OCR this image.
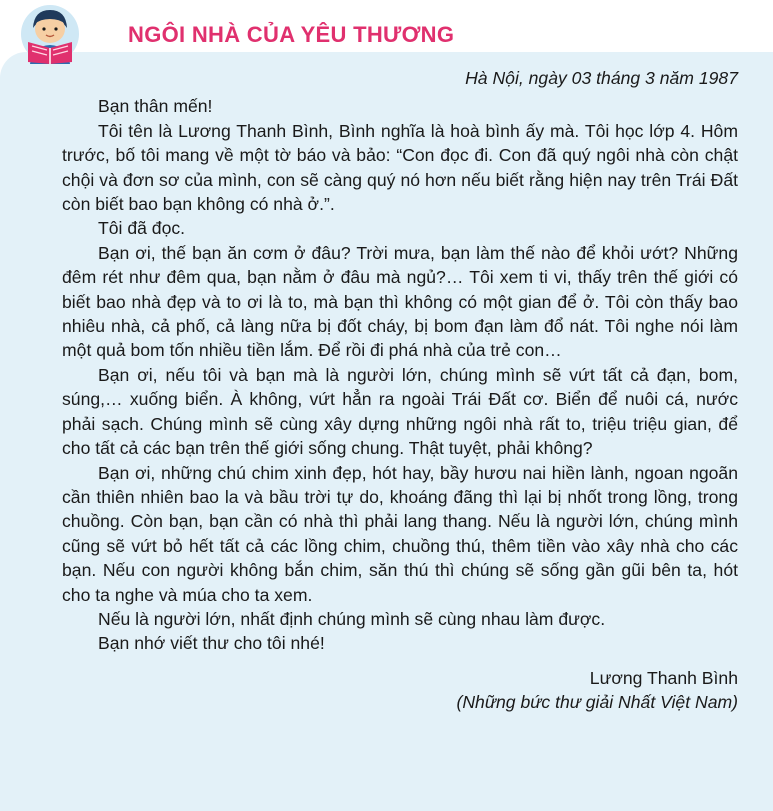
NGÔI NHÀ CỦA YÊU THƯƠNG

Hà Nội, ngày 03 tháng 3 năm 1987

Bạn thân mến!

Tôi tên là Lương Thanh Bình, Bình nghĩa là hoà bình ấy mà. Tôi học lớp 4. Hôm trước, bố tôi mang về một tờ báo và bảo: “Con đọc đi. Con đã quý ngôi nhà còn chật chội và đơn sơ của mình, con sẽ càng quý nó hơn nếu biết rằng hiện nay trên Trái Đất còn biết bao bạn không có nhà ở.”.

Tôi đã đọc.

Bạn ơi, thế bạn ăn cơm ở đâu? Trời mưa, bạn làm thế nào để khỏi ướt? Những đêm rét như đêm qua, bạn nằm ở đâu mà ngủ?… Tôi xem ti vi, thấy trên thế giới có biết bao nhà đẹp và to ơi là to, mà bạn thì không có một gian để ở. Tôi còn thấy bao nhiêu nhà, cả phố, cả làng nữa bị đốt cháy, bị bom đạn làm đổ nát. Tôi nghe nói làm một quả bom tốn nhiều tiền lắm. Để rồi đi phá nhà của trẻ con…

Bạn ơi, nếu tôi và bạn mà là người lớn, chúng mình sẽ vứt tất cả đạn, bom, súng,… xuống biển. À không, vứt hẳn ra ngoài Trái Đất cơ. Biển để nuôi cá, nước phải sạch. Chúng mình sẽ cùng xây dựng những ngôi nhà rất to, triệu triệu gian, để cho tất cả các bạn trên thế giới sống chung. Thật tuyệt, phải không?

Bạn ơi, những chú chim xinh đẹp, hót hay, bầy hươu nai hiền lành, ngoan ngoãn cần thiên nhiên bao la và bầu trời tự do, khoáng đãng thì lại bị nhốt trong lồng, trong chuồng. Còn bạn, bạn cần có nhà thì phải lang thang. Nếu là người lớn, chúng mình cũng sẽ vứt bỏ hết tất cả các lồng chim, chuồng thú, thêm tiền vào xây nhà cho các bạn. Nếu con người không bắn chim, săn thú thì chúng sẽ sống gần gũi bên ta, hót cho ta nghe và múa cho ta xem.

Nếu là người lớn, nhất định chúng mình sẽ cùng nhau làm được.

Bạn nhớ viết thư cho tôi nhé!

Lương Thanh Bình

(Những bức thư giải Nhất Việt Nam)
